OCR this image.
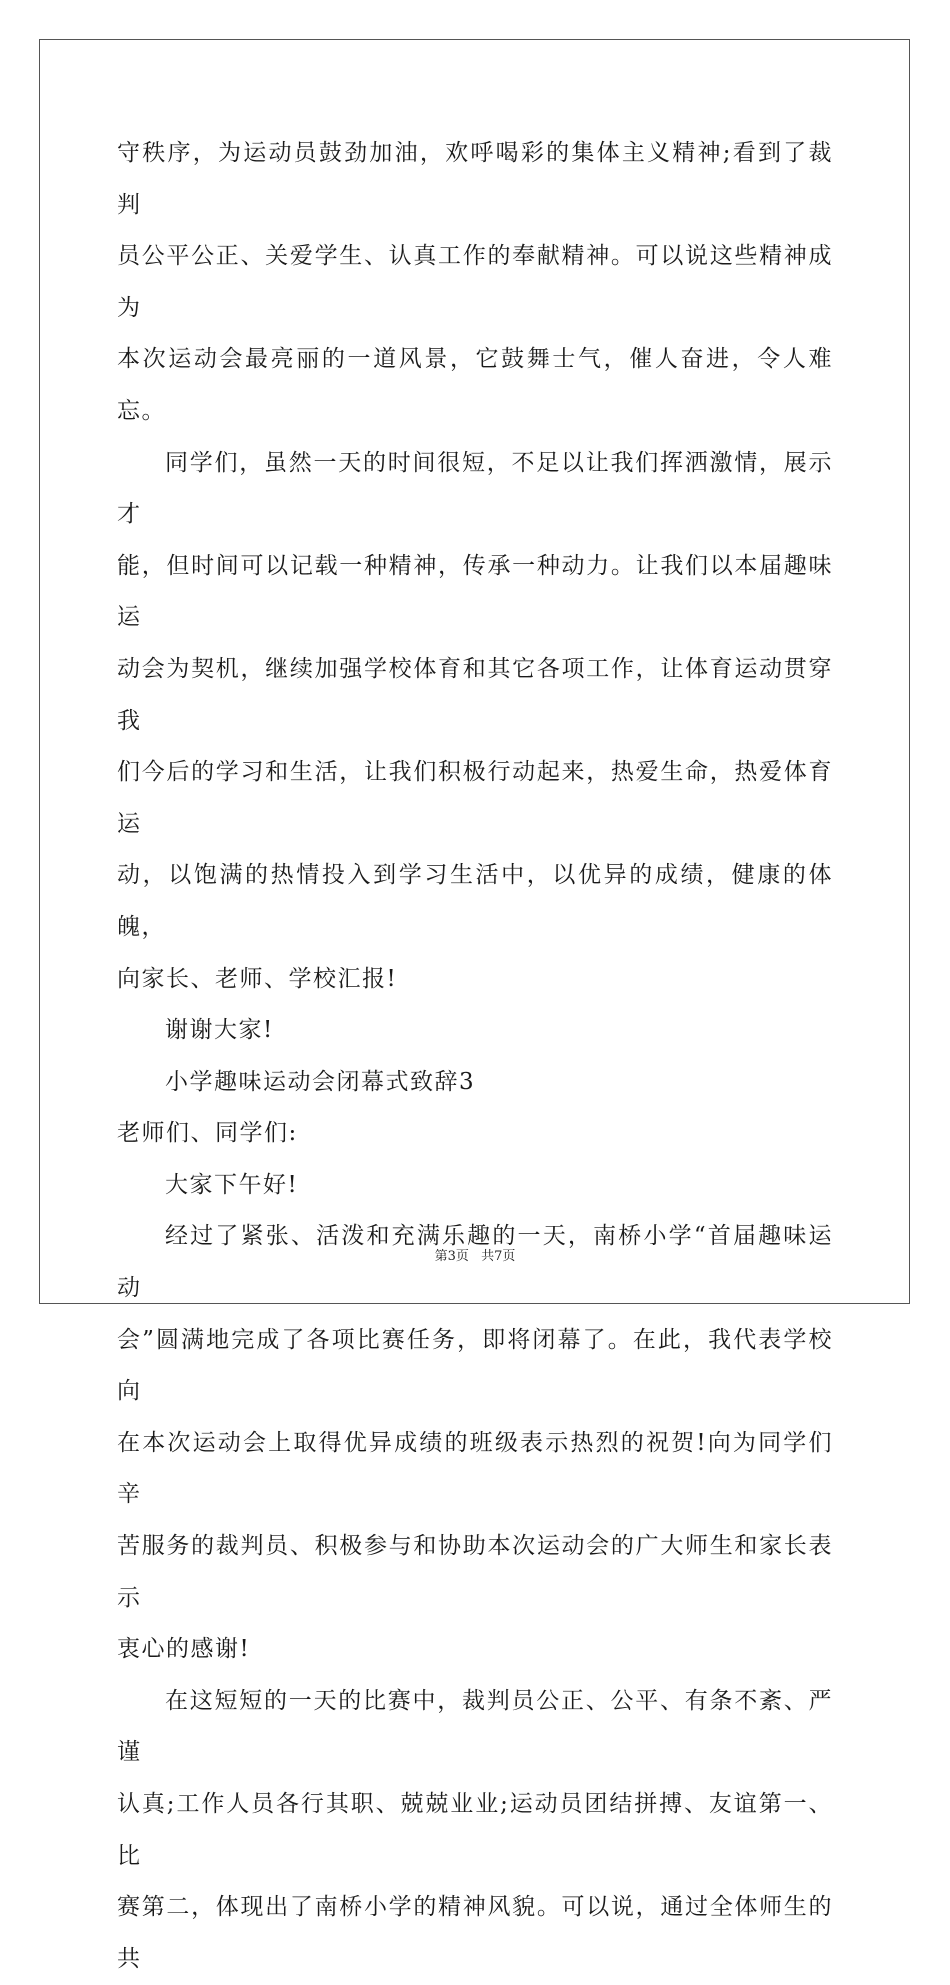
守秩序，为运动员鼓劲加油，欢呼喝彩的集体主义精神;看到了裁判
员公平公正、关爱学生、认真工作的奉献精神。可以说这些精神成为
本次运动会最亮丽的一道风景，它鼓舞士气，催人奋进，令人难忘。
同学们，虽然一天的时间很短，不足以让我们挥洒激情，展示才
能，但时间可以记载一种精神，传承一种动力。让我们以本届趣味运
动会为契机，继续加强学校体育和其它各项工作，让体育运动贯穿我
们今后的学习和生活，让我们积极行动起来，热爱生命，热爱体育运
动，以饱满的热情投入到学习生活中，以优异的成绩，健康的体魄，
向家长、老师、学校汇报!
谢谢大家!
小学趣味运动会闭幕式致辞3
老师们、同学们:
大家下午好!
经过了紧张、活泼和充满乐趣的一天，南桥小学“首届趣味运动
会”圆满地完成了各项比赛任务，即将闭幕了。在此，我代表学校向
在本次运动会上取得优异成绩的班级表示热烈的祝贺!向为同学们辛
苦服务的裁判员、积极参与和协助本次运动会的广大师生和家长表示
衷心的感谢!
在这短短的一天的比赛中，裁判员公正、公平、有条不紊、严谨
认真;工作人员各行其职、兢兢业业;运动员团结拼搏、友谊第一、比
赛第二，体现出了南桥小学的精神风貌。可以说，通过全体师生的共
第3页 共7页
